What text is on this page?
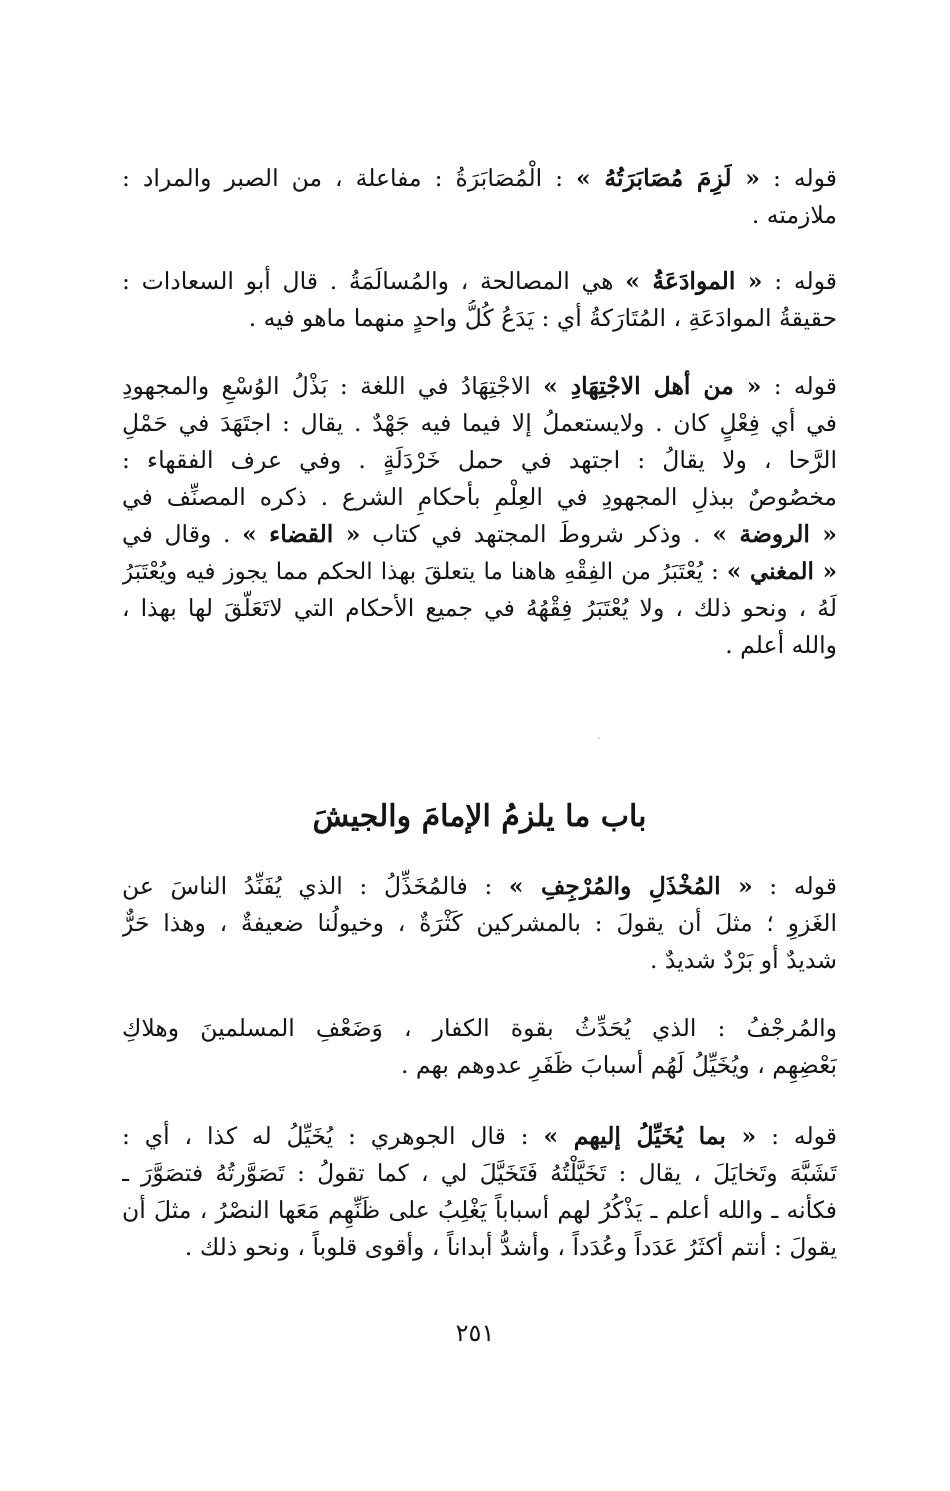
قوله : « لَزِمَ مُصَابَرَتُهُ » : الْمُصَابَرَةُ : مفاعلة ، من الصبر والمراد :
ملازمته .
قوله : « الموادَعَةُ » هي المصالحة ، والمُسالَمَةُ . قال أبو السعادات :
حقيقةُ الموادَعَةِ ، المُتَارَكةُ أي : يَدَعُ كُلُّ واحدٍ منهما ماهو فيه .
قوله : « من أهل الاجْتِهَادِ » الاجْتِهَادُ في اللغة : بَذْلُ الوُسْعِ والمجهودِ
في أي فِعْلٍ كان . ولايستعملُ إلا فيما فيه جَهْدٌ . يقال : اجتَهَدَ في حَمْلِ
الرَّحا ، ولا يقالُ : اجتهد في حمل خَرْدَلَةٍ . وفي عرف الفقهاء :
مخصُوصٌ ببذلِ المجهودِ في العِلْمِ بأحكامِ الشرع . ذكره المصنِّف في
« الروضة » . وذكر شروطَ المجتهد في كتاب « القضاء » . وقال في
« المغني » : يُعْتَبَرُ من الفِقْهِ هاهنا ما يتعلقَ بهذا الحكم مما يجوز فيه ويُعْتَبَرُ
لَهُ ، ونحو ذلك ، ولا يُعْتَبَرُ فِقْهُهُ في جميع الأحكام التي لاتَعَلُّقَ لها بهذا ،
والله أعلم .
باب ما يلزمُ الإمامَ والجيشَ
قوله : « المُخْذَلِ والمُرْجِفِ » : فالمُخَذِّلُ : الذي يُفَنِّدُ الناسَ عن
الغَزوِ ؛ مثلَ أن يقولَ : بالمشركين كَثْرَةٌ ، وخيولُنا ضعيفةٌ ، وهذا حَرٌّ
شديدٌ أو بَرْدٌ شديدٌ .
والمُرجْفُ : الذي يُحَدِّثُ بقوة الكفار ، وَضَعْفِ المسلمينَ وهلاكِ
بَعْضِهِم ، ويُخَيِّلُ لَهُم أسبابَ ظَفَرِ عدوهم بهم .
قوله : « بما يُخَيِّلُ إليهم » : قال الجوهري : يُخَيِّلُ له كذا ، أي :
تَشَبَّهَ وتَخايَلَ ، يقال : تَخَيَّلْتُهُ فَتَخَيَّلَ لي ، كما تقولُ : تَصَوَّرتُهُ فتصَوَّرَ ـ
فكأنه ـ والله أعلم ـ يَذْكُرُ لهم أسباباً يَغْلِبُ على ظَنِّهِم مَعَها النصْرُ ، مثلَ أن
يقولَ : أنتم أكثَرُ عَدَداً وعُدَداً ، وأشدُّ أبداناً ، وأقوى قلوباً ، ونحو ذلك .
٢٥١
